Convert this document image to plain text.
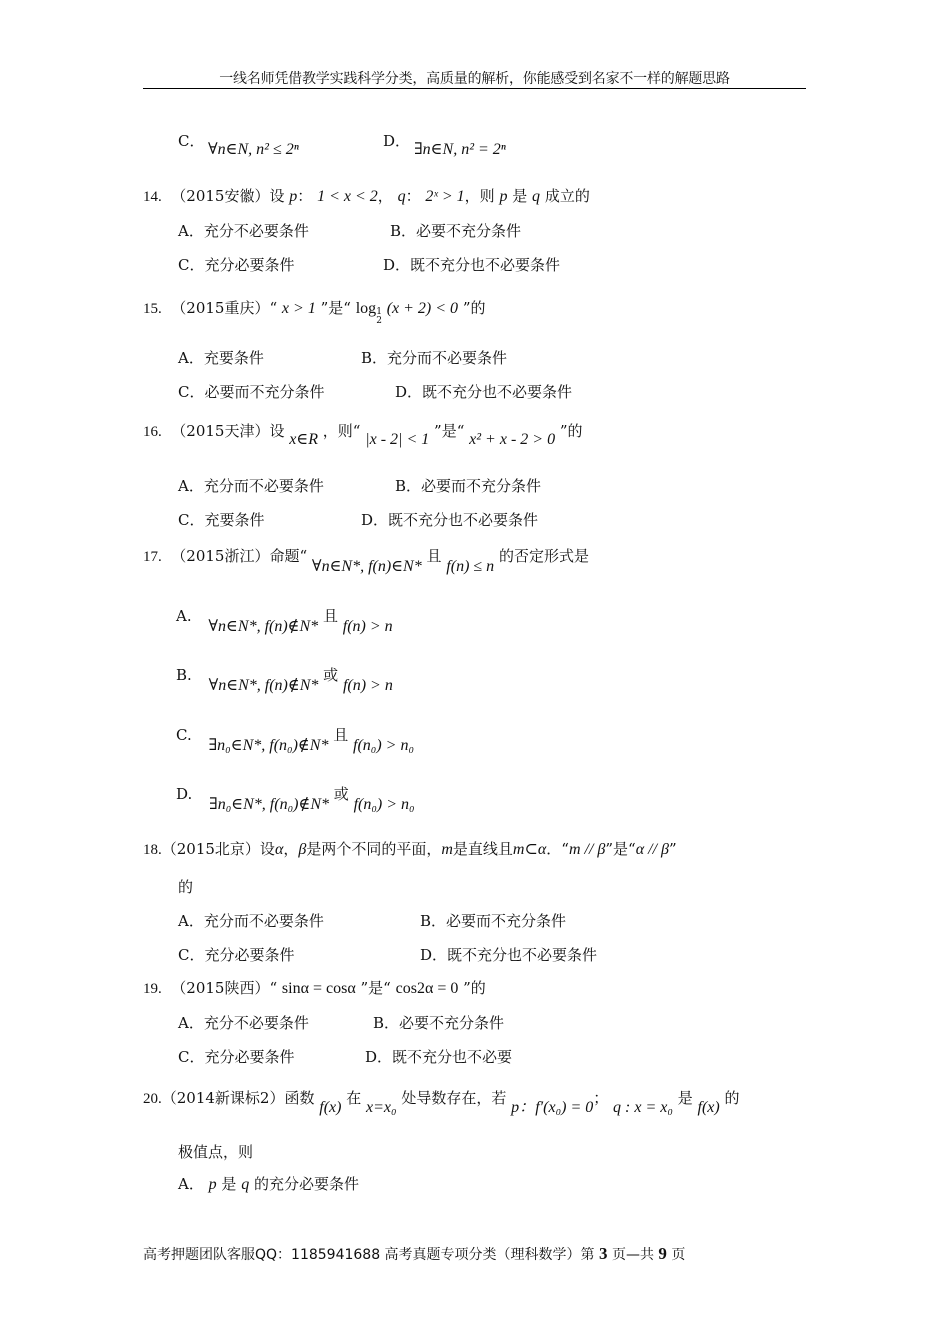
一线名师凭借教学实践科学分类，高质量的解析，你能感受到名家不一样的解题思路
C． ∀n∈N, n² ≤ 2ⁿ	D． ∃n∈N, n² = 2ⁿ
14. （2015安徽）设 p： 1 < x < 2， q： 2ˣ > 1，则 p 是 q 成立的
A．充分不必要条件	B．必要不充分条件
C．充分必要条件	D．既不充分也不必要条件
15. （2015重庆）“ x > 1 ”是“ log1
2 (x + 2) < 0 ”的
A．充要条件	B．充分而不必要条件
C．必要而不充分条件	D．既不充分也不必要条件
16. （2015天津）设 x∈R ，则“ |x - 2| < 1 ”是“ x² + x - 2 > 0 ”的
A．充分而不必要条件	B．必要而不充分条件
C．充要条件	D．既不充分也不必要条件
17. （2015浙江）命题“ ∀n∈N*, f(n)∈N* 且 f(n) ≤ n 的否定形式是
A. ∀n∈N*, f(n)∉N* 且 f(n) > n
B. ∀n∈N*, f(n)∉N* 或 f(n) > n
C. ∃n₀∈N*, f(n₀)∉N* 且 f(n₀) > n₀
D. ∃n₀∈N*, f(n₀)∉N* 或 f(n₀) > n₀
18.（2015北京）设α，β是两个不同的平面，m是直线且m⊂α．“m // β”是“α // β”
的
A．充分而不必要条件	B．必要而不充分条件
C．充分必要条件	D．既不充分也不必要条件
19. （2015陕西）“ sinα = cosα ”是“ cos2α = 0 ”的
A．充分不必要条件	B．必要不充分条件
C．充分必要条件	D．既不充分也不必要
20.（2014新课标2）函数 f(x) 在 x=x₀ 处导数存在，若 p：f′(x₀) = 0； q : x = x₀ 是 f(x) 的
极值点，则
A． p 是 q 的充分必要条件
高考押题团队客服QQ：1185941688 高考真题专项分类（理科数学）第 3 页—共 9 页
